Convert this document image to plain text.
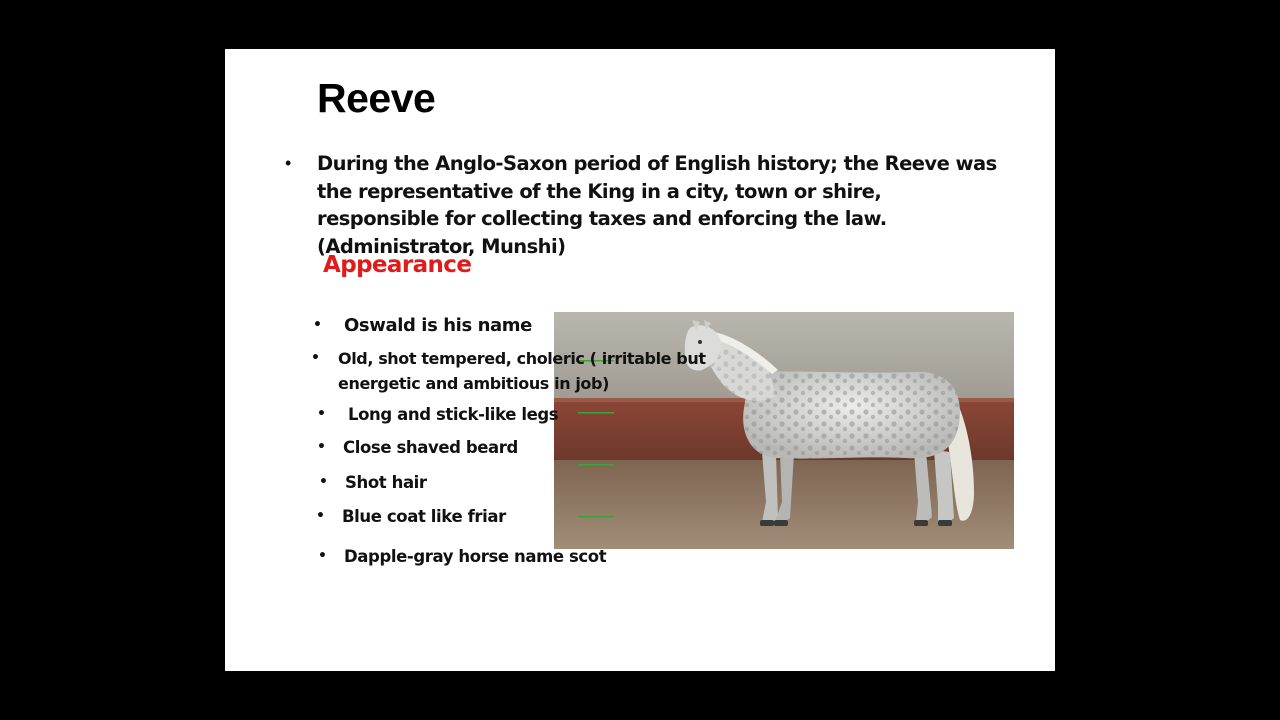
Reeve
• During the Anglo-Saxon period of English history; the Reeve was the representative of the King in a city, town or shire, responsible for collecting taxes and enforcing the law. (Administrator, Munshi)
Appearance
• Oswald is his name
• Old, shot tempered, choleric ( irritable but
energetic and ambitious in job)
• Long and stick-like legs
• Close shaved beard
• Shot hair
• Blue coat like friar
• Dapple-gray horse name scot
